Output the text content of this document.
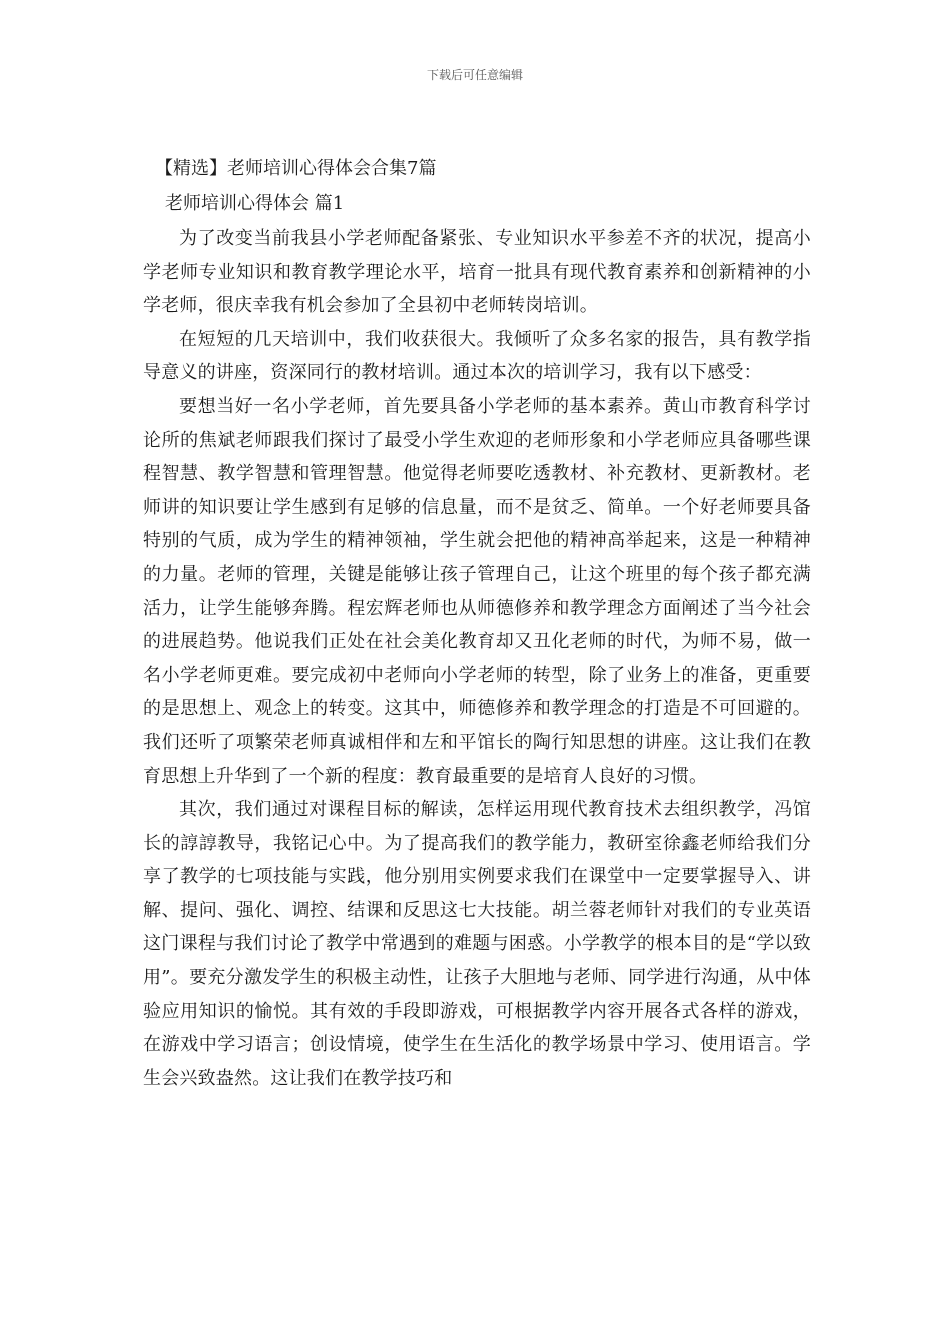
下载后可任意编辑
【精选】老师培训心得体会合集7篇
老师培训心得体会 篇1

为了改变当前我县小学老师配备紧张、专业知识水平参差不齐的状况，提高小学老师专业知识和教育教学理论水平，培育一批具有现代教育素养和创新精神的小学老师，很庆幸我有机会参加了全县初中老师转岗培训。

在短短的几天培训中，我们收获很大。我倾听了众多名家的报告，具有教学指导意义的讲座，资深同行的教材培训。通过本次的培训学习，我有以下感受：

要想当好一名小学老师，首先要具备小学老师的基本素养。黄山市教育科学讨论所的焦斌老师跟我们探讨了最受小学生欢迎的老师形象和小学老师应具备哪些课程智慧、教学智慧和管理智慧。他觉得老师要吃透教材、补充教材、更新教材。老师讲的知识要让学生感到有足够的信息量，而不是贫乏、简单。一个好老师要具备特别的气质，成为学生的精神领袖，学生就会把他的精神高举起来，这是一种精神的力量。老师的管理，关键是能够让孩子管理自己，让这个班里的每个孩子都充满活力，让学生能够奔腾。程宏辉老师也从师德修养和教学理念方面阐述了当今社会的进展趋势。他说我们正处在社会美化教育却又丑化老师的时代，为师不易，做一名小学老师更难。要完成初中老师向小学老师的转型，除了业务上的准备，更重要的是思想上、观念上的转变。这其中，师德修养和教学理念的打造是不可回避的。我们还听了项繁荣老师真诚相伴和左和平馆长的陶行知思想的讲座。这让我们在教育思想上升华到了一个新的程度：教育最重要的是培育人良好的习惯。

其次，我们通过对课程目标的解读，怎样运用现代教育技术去组织教学，冯馆长的諄諄教导，我铭记心中。为了提高我们的教学能力，教研室徐鑫老师给我们分享了教学的七项技能与实践，他分别用实例要求我们在课堂中一定要掌握导入、讲解、提问、强化、调控、结课和反思这七大技能。胡兰蓉老师针对我们的专业英语这门课程与我们讨论了教学中常遇到的难题与困惑。小学教学的根本目的是“学以致用”。要充分激发学生的积极主动性，让孩子大胆地与老师、同学进行沟通，从中体验应用知识的愉悦。其有效的手段即游戏，可根据教学内容开展各式各样的游戏，在游戏中学习语言；创设情境，使学生在生活化的教学场景中学习、使用语言。学生会兴致盎然。这让我们在教学技巧和
